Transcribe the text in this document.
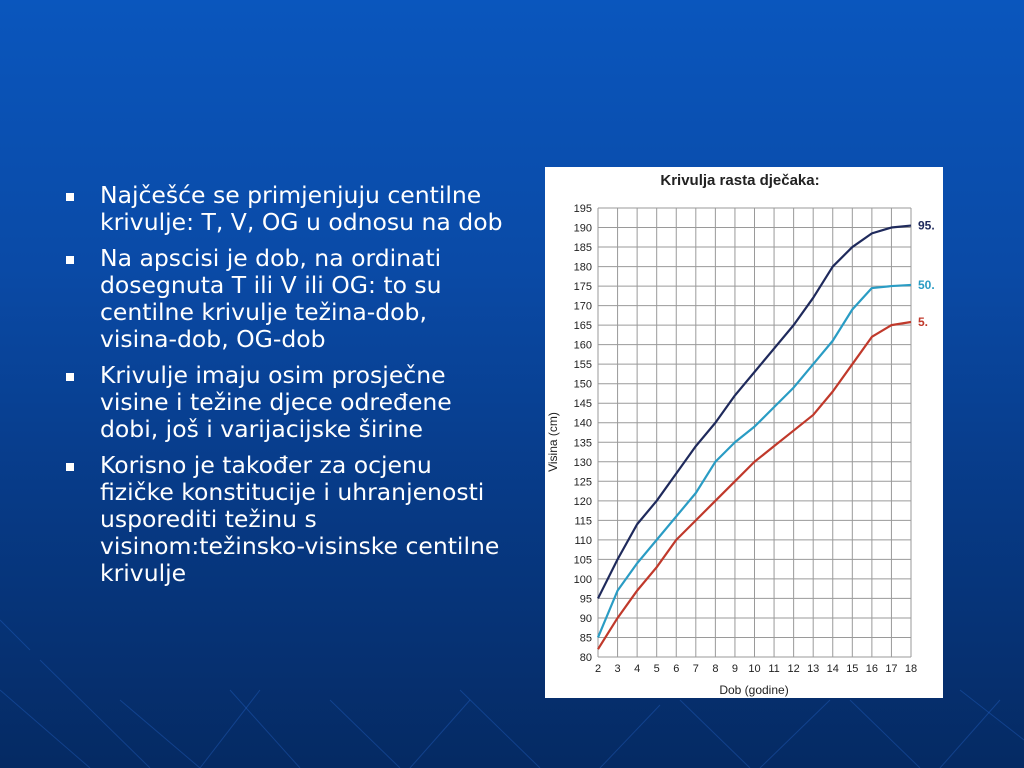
Najčešće se primjenjuju centilne krivulje: T, V, OG u odnosu na dob
Na apscisi je dob, na ordinati dosegnuta T ili V ili OG: to su centilne krivulje težina-dob, visina-dob, OG-dob
Krivulje imaju osim prosječne visine i težine djece određene dobi, još i varijacijske širine
Korisno je također za ocjenu fizičke konstitucije i uhranjenosti usporediti težinu s visinom:težinsko-visinske centilne krivulje
Krivulja rasta dječaka:
Visina (cm)
Dob (godine)
80
85
90
95
100
105
110
115
120
125
130
135
140
145
150
155
160
165
170
175
180
185
190
195
2 3 4 5 6 7 8 9 10 11 12 13 14 15 16 17 18
95.
50.
5.
